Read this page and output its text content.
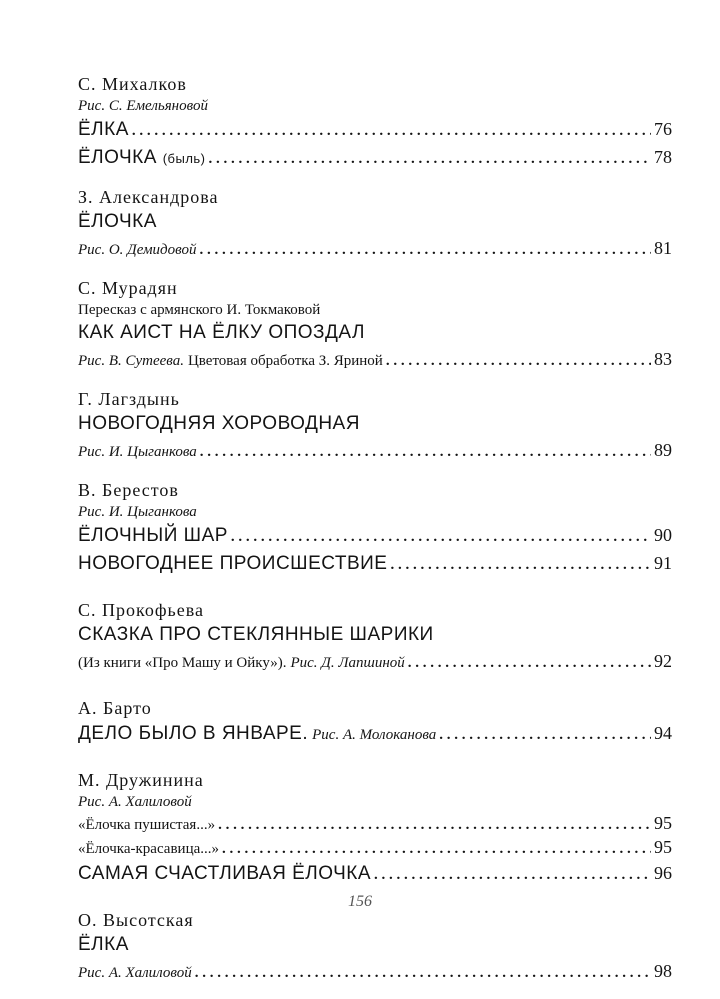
С. Михалков
Рис. С. Емельяновой
ЁЛКА . . .	76
ЁЛОЧКА (быль) . . .	78
З. Александрова
ЁЛОЧКА
Рис. О. Демидовой . . .	81
С. Мурадян
Пересказ с армянского И. Токмаковой
КАК АИСТ НА ЁЛКУ ОПОЗДАЛ
Рис. В. Сутеева. Цветовая обработка З. Яриной . . .	83
Г. Лагздынь
НОВОГОДНЯЯ ХОРОВОДНАЯ
Рис. И. Цыганкова . . .	89
В. Берестов
Рис. И. Цыганкова
ЁЛОЧНЫЙ ШАР . . .	90
НОВОГОДНЕЕ ПРОИСШЕСТВИЕ . . .	91
С. Прокофьева
СКАЗКА ПРО СТЕКЛЯННЫЕ ШАРИКИ
(Из книги «Про Машу и Ойку»). Рис. Д. Лапшиной . . .	92
А. Барто
ДЕЛО БЫЛО В ЯНВАРЕ. Рис. А. Молоканова . . .	94
М. Дружинина
Рис. А. Халиловой
«Ёлочка пушистая...» . . .	95
«Ёлочка-красавица...» . . .	95
САМАЯ СЧАСТЛИВАЯ ЁЛОЧКА . . .	96
О. Высотская
ЁЛКА
Рис. А. Халиловой . . .	98
156
